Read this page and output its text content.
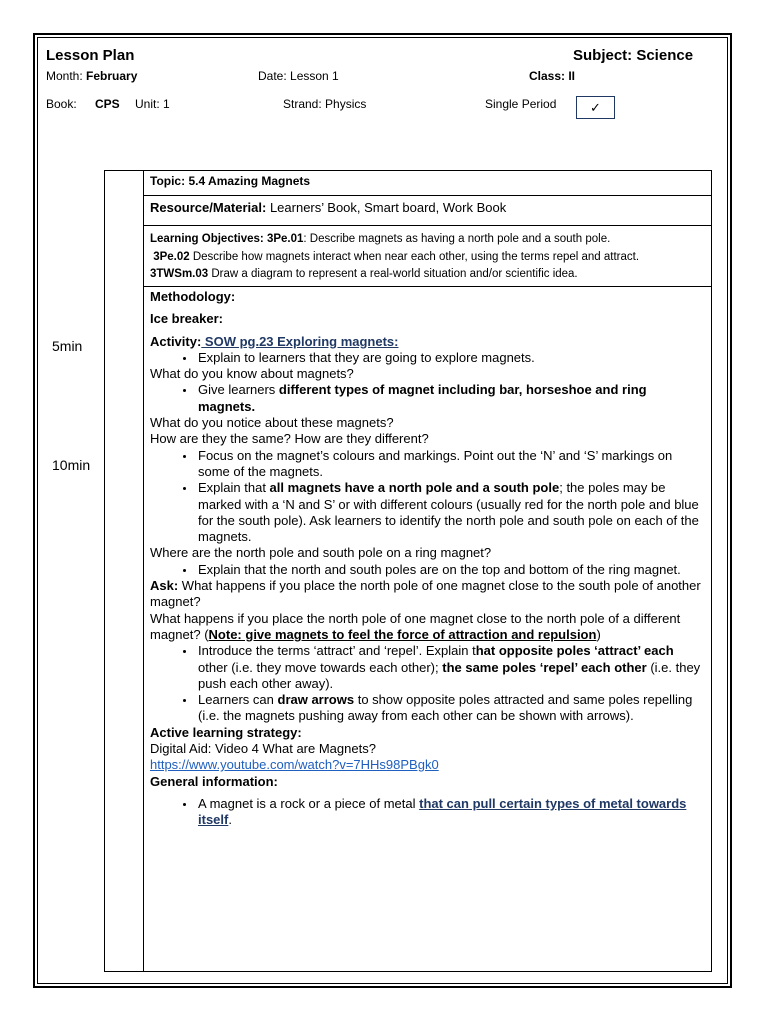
Lesson Plan	Subject: Science
Month: February	Date: Lesson 1	Class: II
Book: CPS Unit: 1	Strand: Physics	Single Period	✓
5min
10min
Topic: 5.4 Amazing Magnets
Resource/Material: Learners’ Book, Smart board, Work Book
Learning Objectives: 3Pe.01: Describe magnets as having a north pole and a south pole.
3Pe.02 Describe how magnets interact when near each other, using the terms repel and attract.
3TWSm.03 Draw a diagram to represent a real-world situation and/or scientific idea.

Methodology:

Ice breaker:

Activity: SOW pg.23 Exploring magnets:

• Explain to learners that they are going to explore magnets.

What do you know about magnets?

• Give learners different types of magnet including bar, horseshoe and ring magnets.

What do you notice about these magnets?

How are they the same? How are they different?

• Focus on the magnet’s colours and markings. Point out the ‘N’ and ‘S’ markings on some of the magnets.
• Explain that all magnets have a north pole and a south pole; the poles may be marked with a ‘N and S’ or with different colours (usually red for the north pole and blue for the south pole). Ask learners to identify the north pole and south pole on each of the magnets.

Where are the north pole and south pole on a ring magnet?

• Explain that the north and south poles are on the top and bottom of the ring magnet.

Ask: What happens if you place the north pole of one magnet close to the south pole of another magnet?

What happens if you place the north pole of one magnet close to the north pole of a different magnet? (Note: give magnets to feel the force of attraction and repulsion)

• Introduce the terms ‘attract’ and ‘repel’. Explain that opposite poles ‘attract’ each other (i.e. they move towards each other); the same poles ‘repel’ each other (i.e. they push each other away).
• Learners can draw arrows to show opposite poles attracted and same poles repelling (i.e. the magnets pushing away from each other can be shown with arrows).

Active learning strategy:

Digital Aid: Video 4 What are Magnets?

https://www.youtube.com/watch?v=7HHs98PBgk0

General information:

• A magnet is a rock or a piece of metal that can pull certain types of metal towards itself.
